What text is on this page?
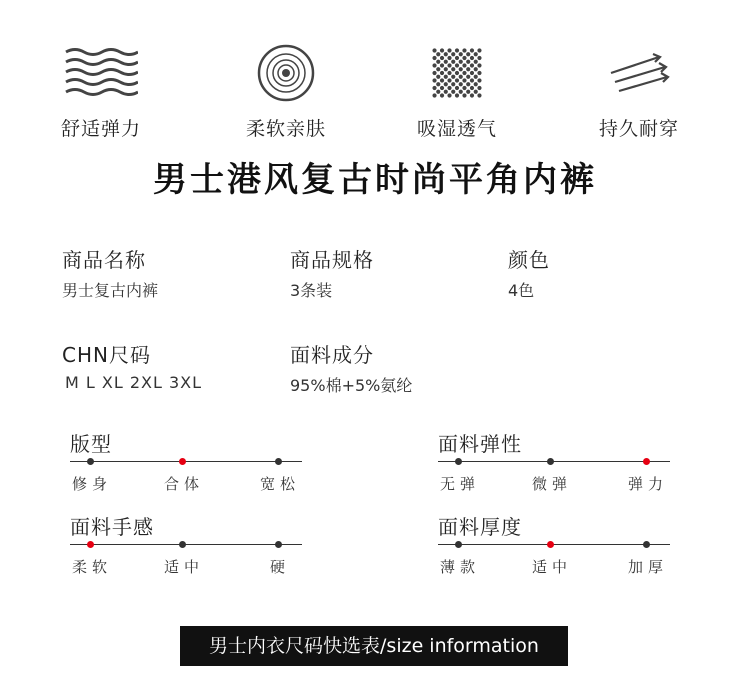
舒适弹力	柔软亲肤	吸湿透气	持久耐穿
男士港风复古时尚平角内裤
商品名称
男士复古内裤
商品规格
3条装
颜色
4色
CHN尺码
M L XL 2XL 3XL
面料成分
95%棉+5%氨纶
版型
修身	合体	宽松
面料弹性
无弹	微弹	弹力
面料手感
柔软	适中	硬
面料厚度
薄款	适中	加厚
男士内衣尺码快选表/size information
